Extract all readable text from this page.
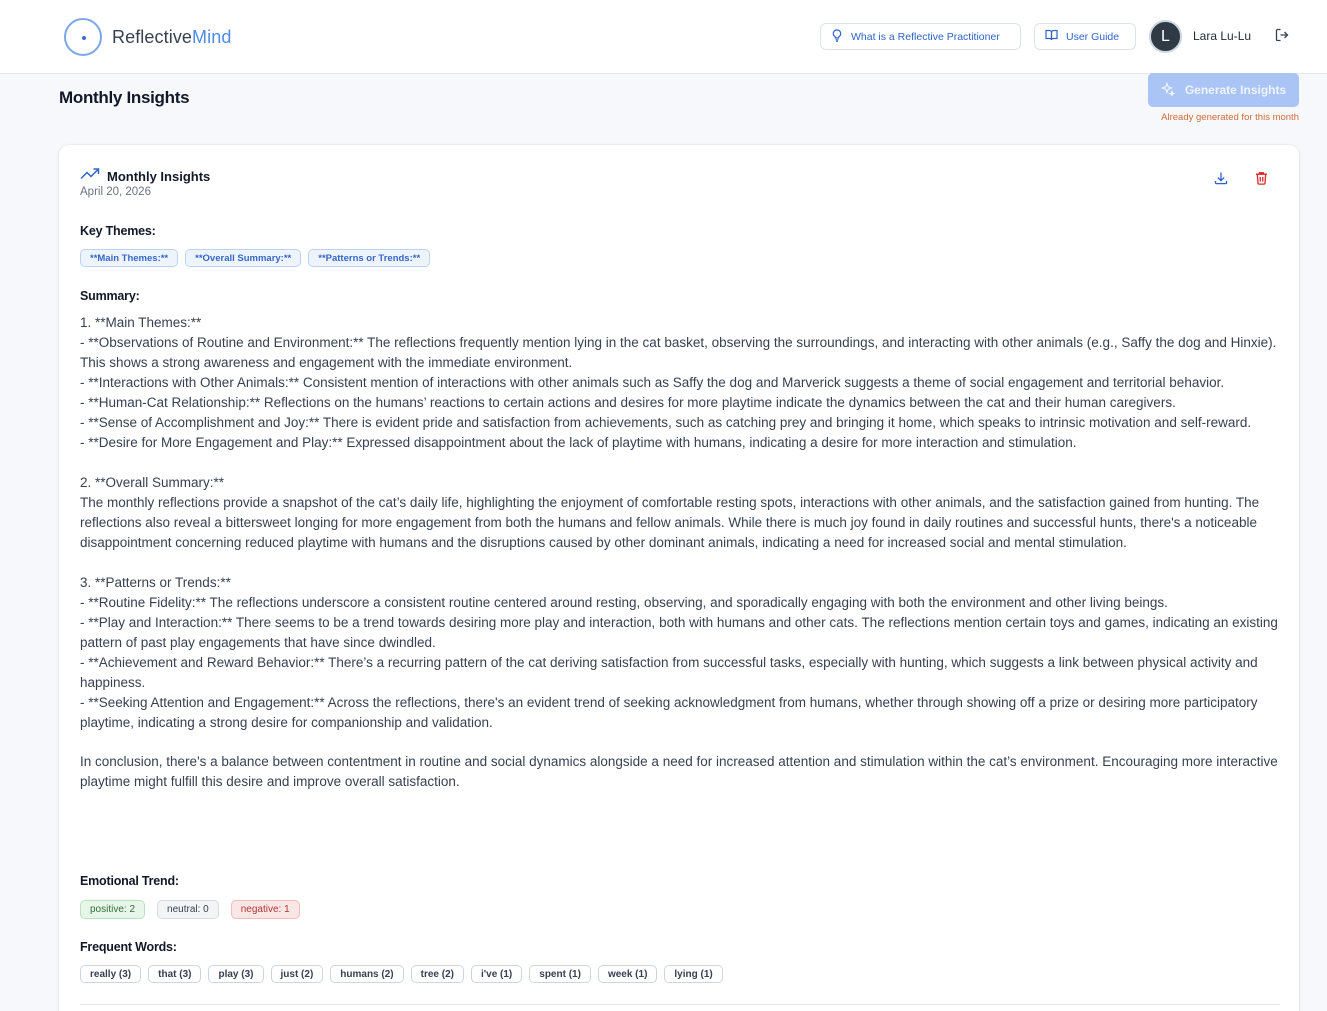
ReflectiveMind	What is a Reflective Practitioner	User Guide	L	Lara Lu-Lu
Monthly Insights	Generate Insights
Already generated for this month
Monthly Insights
April 20, 2026
Key Themes:
**Main Themes:**	**Overall Summary:**	**Patterns or Trends:**
Summary:

1. **Main Themes:**

- **Observations of Routine and Environment:** The reflections frequently mention lying in the cat basket, observing the surroundings, and interacting with other animals (e.g., Saffy the dog and Hinxie). This shows a strong awareness and engagement with the immediate environment.

- **Interactions with Other Animals:** Consistent mention of interactions with other animals such as Saffy the dog and Marverick suggests a theme of social engagement and territorial behavior.

- **Human-Cat Relationship:** Reflections on the humans’ reactions to certain actions and desires for more playtime indicate the dynamics between the cat and their human caregivers.

- **Sense of Accomplishment and Joy:** There is evident pride and satisfaction from achievements, such as catching prey and bringing it home, which speaks to intrinsic motivation and self-reward.

- **Desire for More Engagement and Play:** Expressed disappointment about the lack of playtime with humans, indicating a desire for more interaction and stimulation.

2. **Overall Summary:**

The monthly reflections provide a snapshot of the cat’s daily life, highlighting the enjoyment of comfortable resting spots, interactions with other animals, and the satisfaction gained from hunting. The reflections also reveal a bittersweet longing for more engagement from both the humans and fellow animals. While there is much joy found in daily routines and successful hunts, there's a noticeable disappointment concerning reduced playtime with humans and the disruptions caused by other dominant animals, indicating a need for increased social and mental stimulation.

3. **Patterns or Trends:**

- **Routine Fidelity:** The reflections underscore a consistent routine centered around resting, observing, and sporadically engaging with both the environment and other living beings.

- **Play and Interaction:** There seems to be a trend towards desiring more play and interaction, both with humans and other cats. The reflections mention certain toys and games, indicating an existing pattern of past play engagements that have since dwindled.

- **Achievement and Reward Behavior:** There’s a recurring pattern of the cat deriving satisfaction from successful tasks, especially with hunting, which suggests a link between physical activity and happiness.

- **Seeking Attention and Engagement:** Across the reflections, there's an evident trend of seeking acknowledgment from humans, whether through showing off a prize or desiring more participatory playtime, indicating a strong desire for companionship and validation.

In conclusion, there's a balance between contentment in routine and social dynamics alongside a need for increased attention and stimulation within the cat’s environment. Encouraging more interactive playtime might fulfill this desire and improve overall satisfaction.

Emotional Trend:
positive: 2	neutral: 0	negative: 1
Frequent Words:
really (3)	that (3)	play (3)	just (2)	humans (2)	tree (2)	i've (1)	spent (1)	week (1)	lying (1)
